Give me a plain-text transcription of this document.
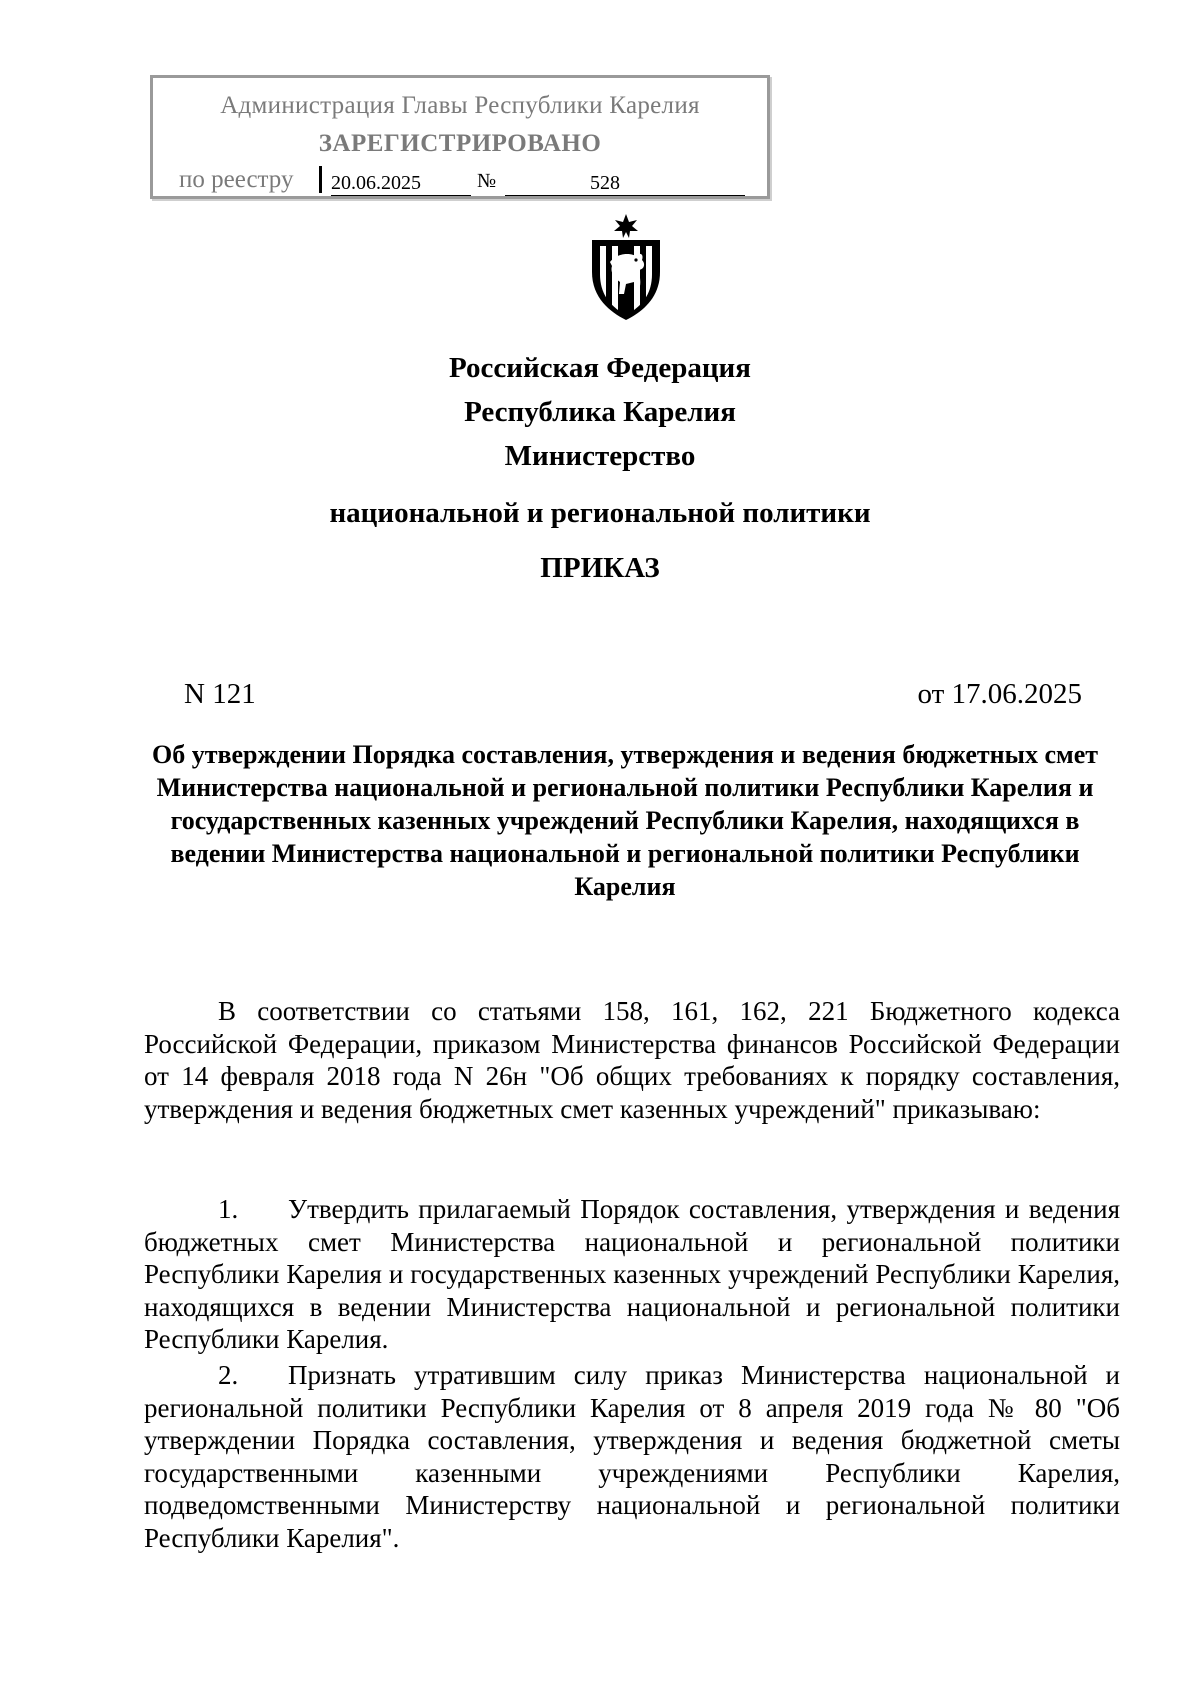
Администрация Главы Республики Карелия
ЗАРЕГИСТРИРОВАНО
по реестру 20.06.2025	№	528
Российская Федерация
Республика Карелия
Министерство
национальной и региональной политики
ПРИКАЗ
N 121	от 17.06.2025
Об утверждении Порядка составления, утверждения и ведения бюджетных смет Министерства национальной и региональной политики Республики Карелия и государственных казенных учреждений Республики Карелия, находящихся в ведении Министерства национальной и региональной политики Республики Карелия
В соответствии со статьями 158, 161, 162, 221 Бюджетного кодекса Российской Федерации, приказом Министерства финансов Российской Федерации от 14 февраля 2018 года N 26н "Об общих требованиях к порядку составления, утверждения и ведения бюджетных смет казенных учреждений" приказываю:
1. Утвердить прилагаемый Порядок составления, утверждения и ведения бюджетных смет Министерства национальной и региональной политики Республики Карелия и государственных казенных учреждений Республики Карелия, находящихся в ведении Министерства национальной и региональной политики Республики Карелия.
2. Признать утратившим силу приказ Министерства национальной и региональной политики Республики Карелия от 8 апреля 2019 года № 80 "Об утверждении Порядка составления, утверждения и ведения бюджетной сметы государственными казенными учреждениями Республики Карелия, подведомственными Министерству национальной и региональной политики Республики Карелия".
